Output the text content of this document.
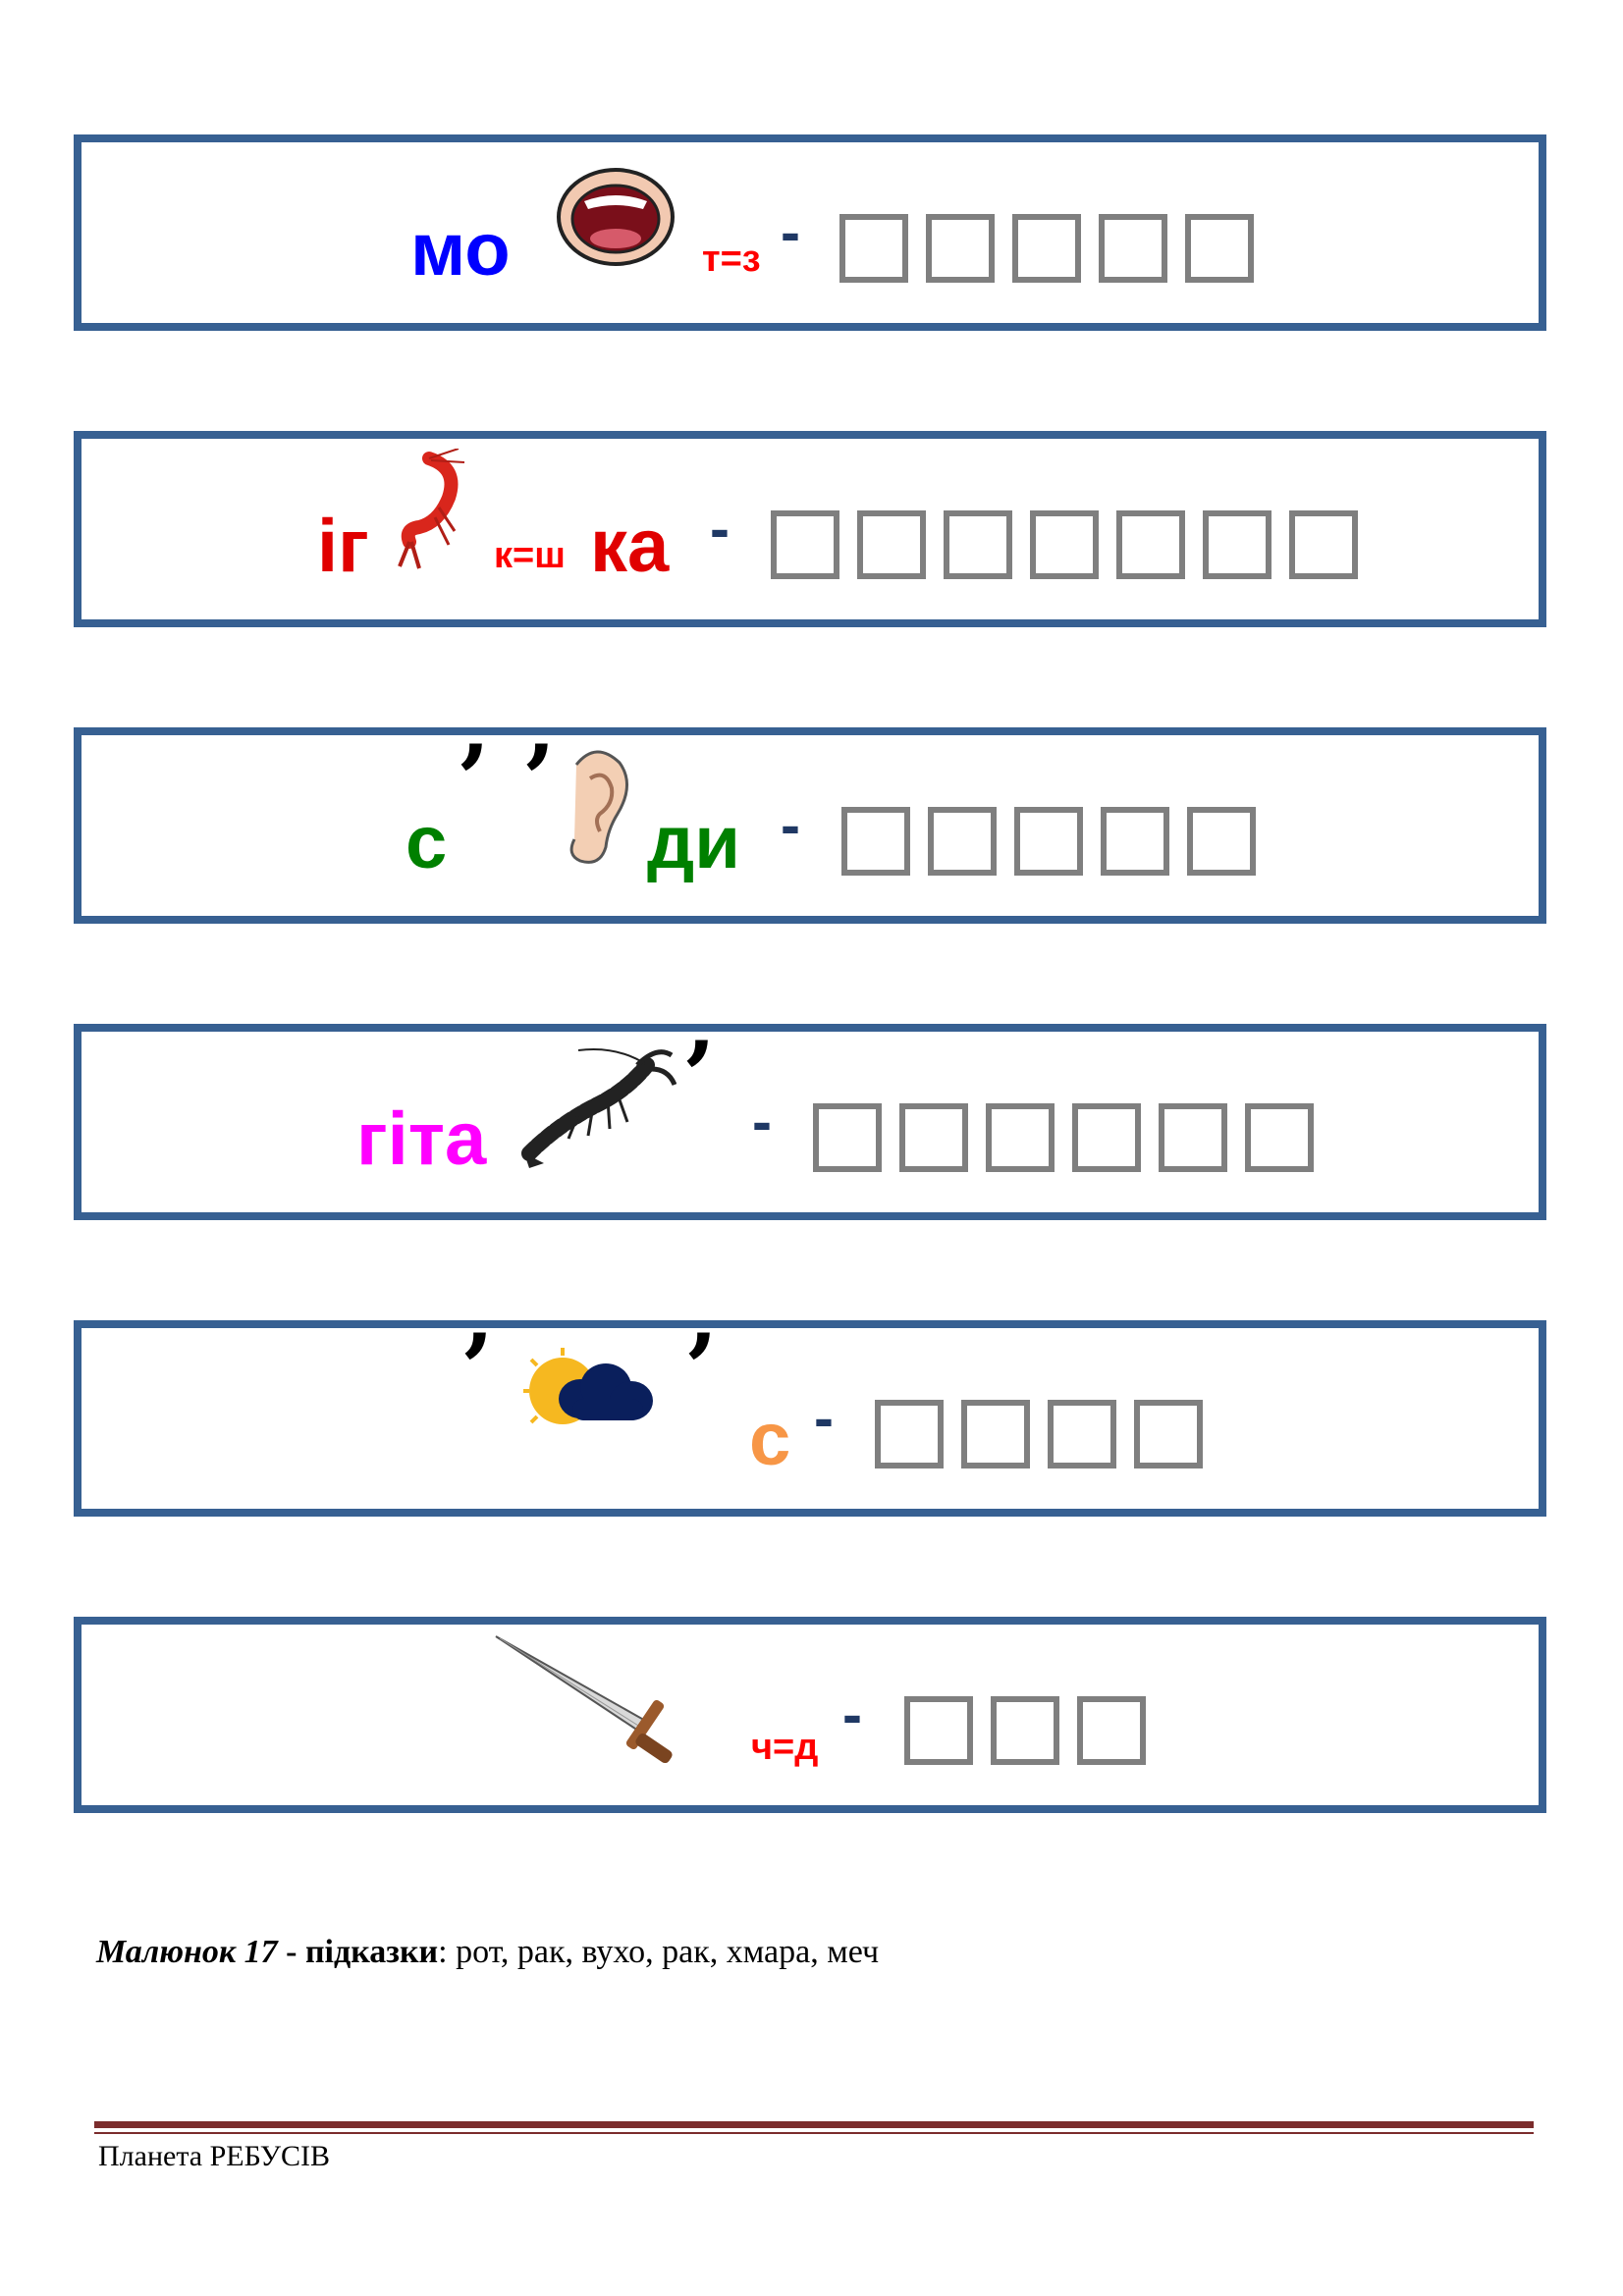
мо	т=з -
іг	к=ш ка -
с
’ ’
ди -
гіта
’ -
’ ’
с -
ч=д -
Малюнок 17 - підказки: рот, рак, вухо, рак, хмара, меч
Планета РЕБУСІВ
